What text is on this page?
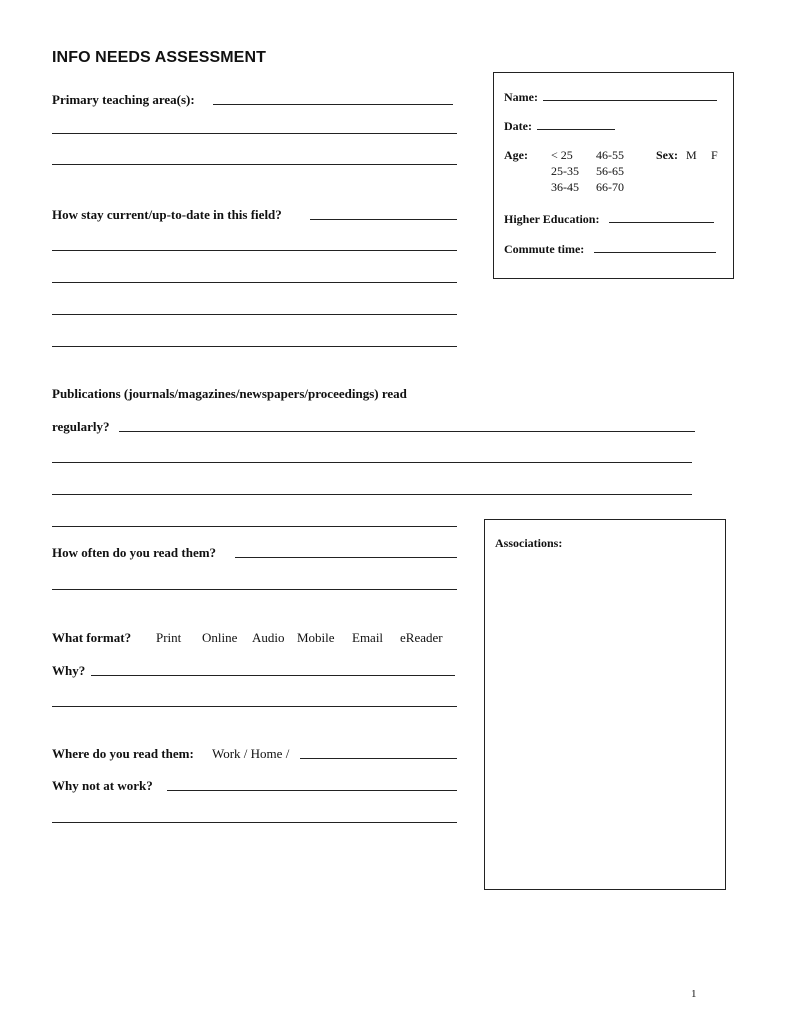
INFO NEEDS ASSESSMENT
Primary teaching area(s):
How stay current/up-to-date in this field?
Publications (journals/magazines/newspapers/proceedings) read
regularly?
How often do you read them?
What format? Print Online Audio Mobile Email eReader
Why?
Where do you read them: Work / Home /
Why not at work?
Name:
Date:
Age: < 25 46-55
25-35 56-65
36-45 66-70
Sex: M F
Higher Education:
Commute time:
Associations:
1
